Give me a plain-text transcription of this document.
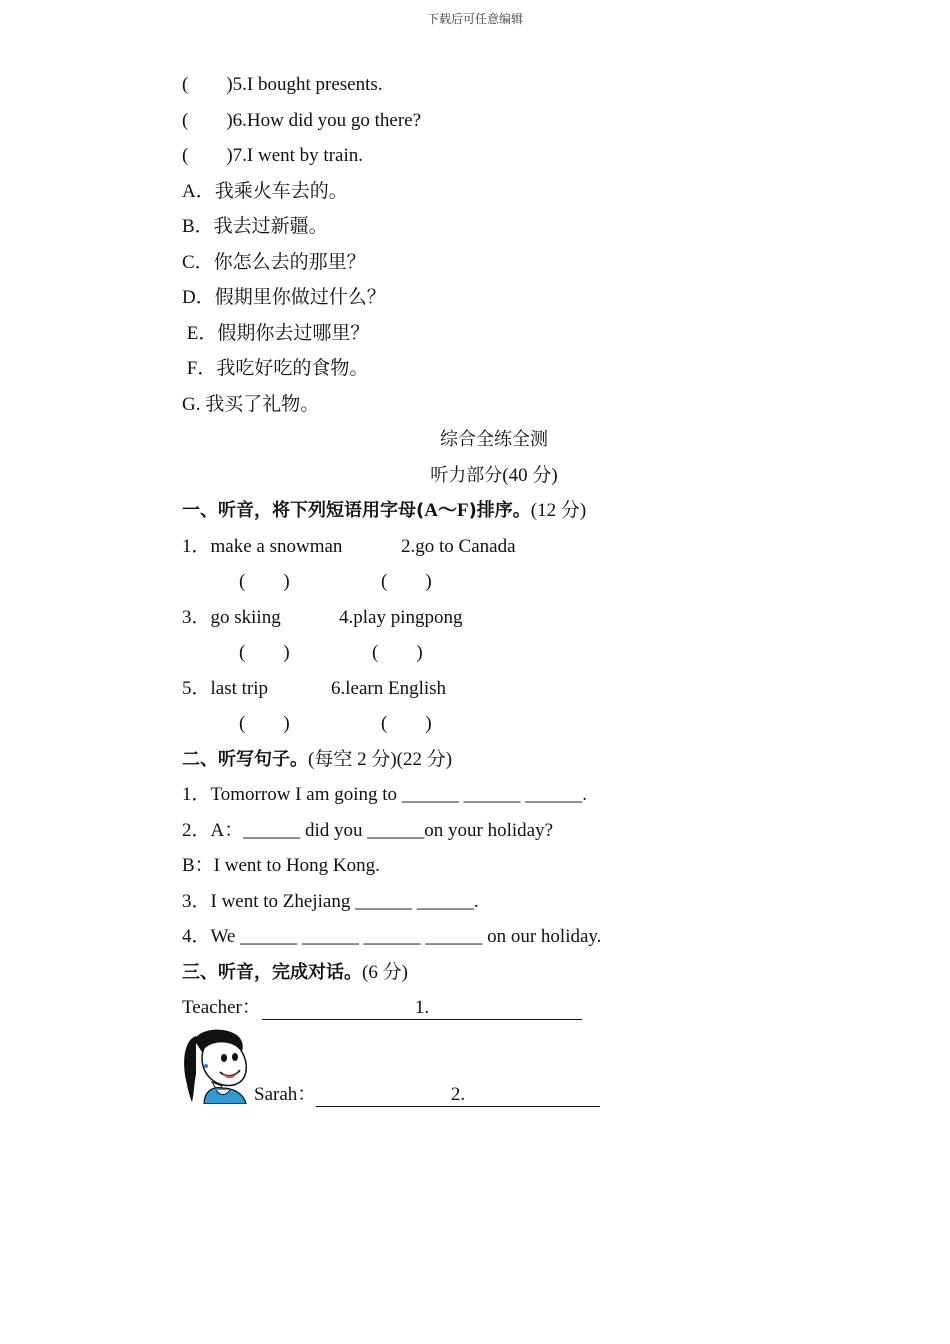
下载后可任意编辑
(        )5.I bought presents.
(        )6.How did you go there?
(        )7.I went by train.
A．我乘火车去的。
B．我去过新疆。
C．你怎么去的那里？
D．假期里你做过什么？
E．假期你去过哪里？
F．我吃好吃的食物。
G. 我买了礼物。
综合全练全测
听力部分(40 分)
一、听音，将下列短语用字母(A～F)排序。(12 分)
1．make a snowman	2.go to Canada
(        )	(        )
3．go skiing	4.play pingpong
(        )	(        )
5．last trip	6.learn English
(        )	(        )
二、听写句子。(每空 2 分)(22 分)
1．Tomorrow I am going to ______ ______ ______.
2．A：______ did you ______on your holiday?
B：I went to Hong Kong.
3．I went to Zhejiang ______ ______.
4．We ______ ______ ______ ______ on our holiday.
三、听音，完成对话。(6 分)
Teacher：	1.
Sarah：	2.
